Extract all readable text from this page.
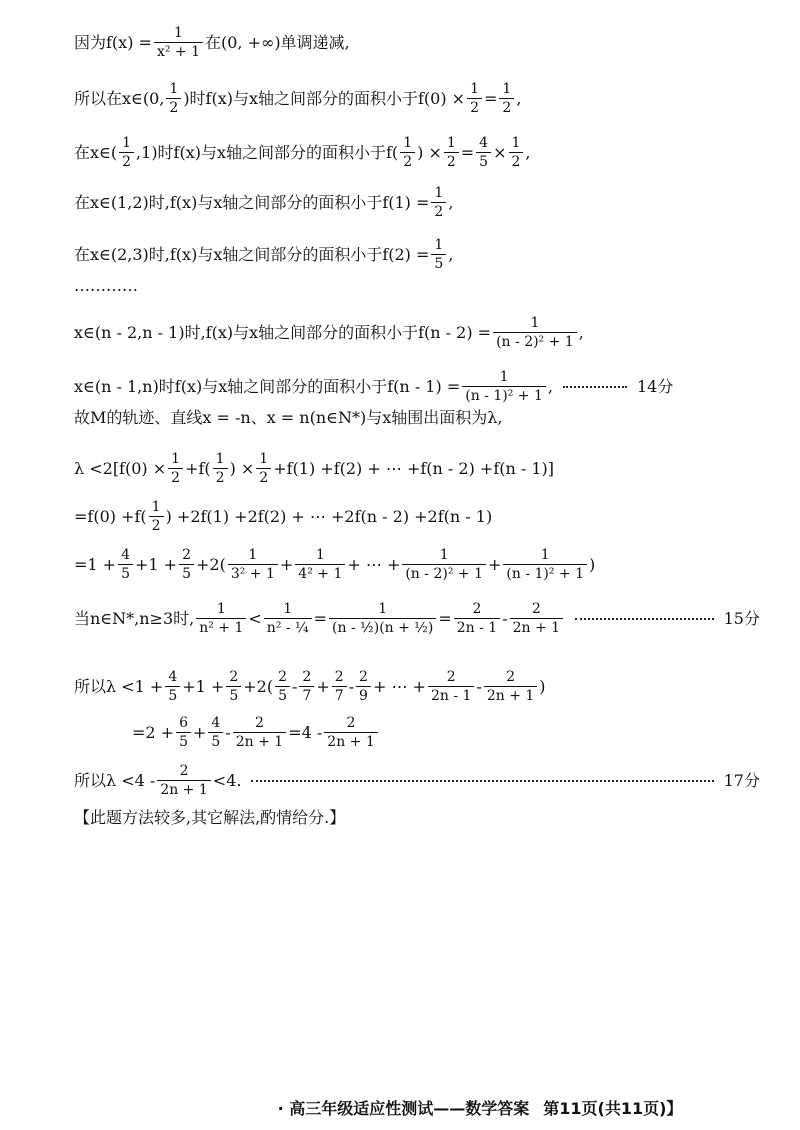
因为$f(x) = \frac{1}{\text{x² + 1}}$ 在(0, +∞)单调递减,
所以在x∈(0, $\frac{1}{2}$ )时f(x)与x轴之间部分的面积小于$f(0) \times \frac{1}{2} = \frac{1}{2}$ ,
在x∈( $\frac{1}{2} ,1$)时f(x)与x轴之间部分的面积小于$f( \frac{1}{2}$ ) × $\frac{1}{2} = \frac{4}{5} \times \frac{1}{2}$ ,
在x∈(1,2)时,f(x)与x轴之间部分的面积小于$f(1) = \frac{1}{2}$ ,
在x∈(2,3)时,f(x)与x轴之间部分的面积小于$f(2) = \frac{1}{5}$ ,
…………
x∈(n - 2,n - 1)时,f(x)与x轴之间部分的面积小于$f(n - 2) = \frac{1}{\text{(n - 2)² + 1}}$ ,
x∈(n - 1,n)时f(x)与x轴之间部分的面积小于$f(n - 1) = \frac{1}{\text{(n - 1)² + 1}}$ ,	14分
故M的轨迹、直线x = -n、x = n(n∈N*)与x轴围出面积为λ,
$\lambda <2[f(0) \times \frac{1}{2} +f( \frac{1}{2}$ ) × $\frac{1}{2} +f(1) +f(2)$ + ⋯ +f(n - 2) +f(n - 1)]
$=f(0) +f( \frac{1}{2}$ ) +2f(1) +2f(2) + ⋯ +2f(n - 2) +2f(n - 1)
$=1 + \frac{4}{5} +1 + \frac{2}{5} +2( \frac{1}{\text{3² + 1}} + \frac{1}{\text{4² + 1}}$ + ⋯ + $\frac{1}{\text{(n - 2)² + 1}} + \frac{1}{\text{(n - 1)² + 1}}$ )
当n∈N*,n≥3时, $\frac{1}{\text{n² + 1}} < \frac{1}{\text{n² - ¼}} = \frac{1}{\text{(n - ½)(n + ½)}} = \frac{2}{2n - 1} - \frac{2}{2n + 1}$	15分
所以$\lambda <1 + \frac{4}{5} +1 + \frac{2}{5} +2( \frac{2}{5} - \frac{2}{7} + \frac{2}{7} - \frac{2}{9}$ + ⋯ + $\frac{2}{2n - 1} - \frac{2}{2n + 1}$ )
$=2 + \frac{6}{5} + \frac{4}{5} - \frac{2}{2n + 1} =4 - \frac{2}{2n + 1}$
所以$\lambda <4 - \frac{2}{2n + 1} <4$.	17分
【此题方法较多,其它解法,酌情给分.】
· 高三年级适应性测试——数学答案 第11页(共11页)】
